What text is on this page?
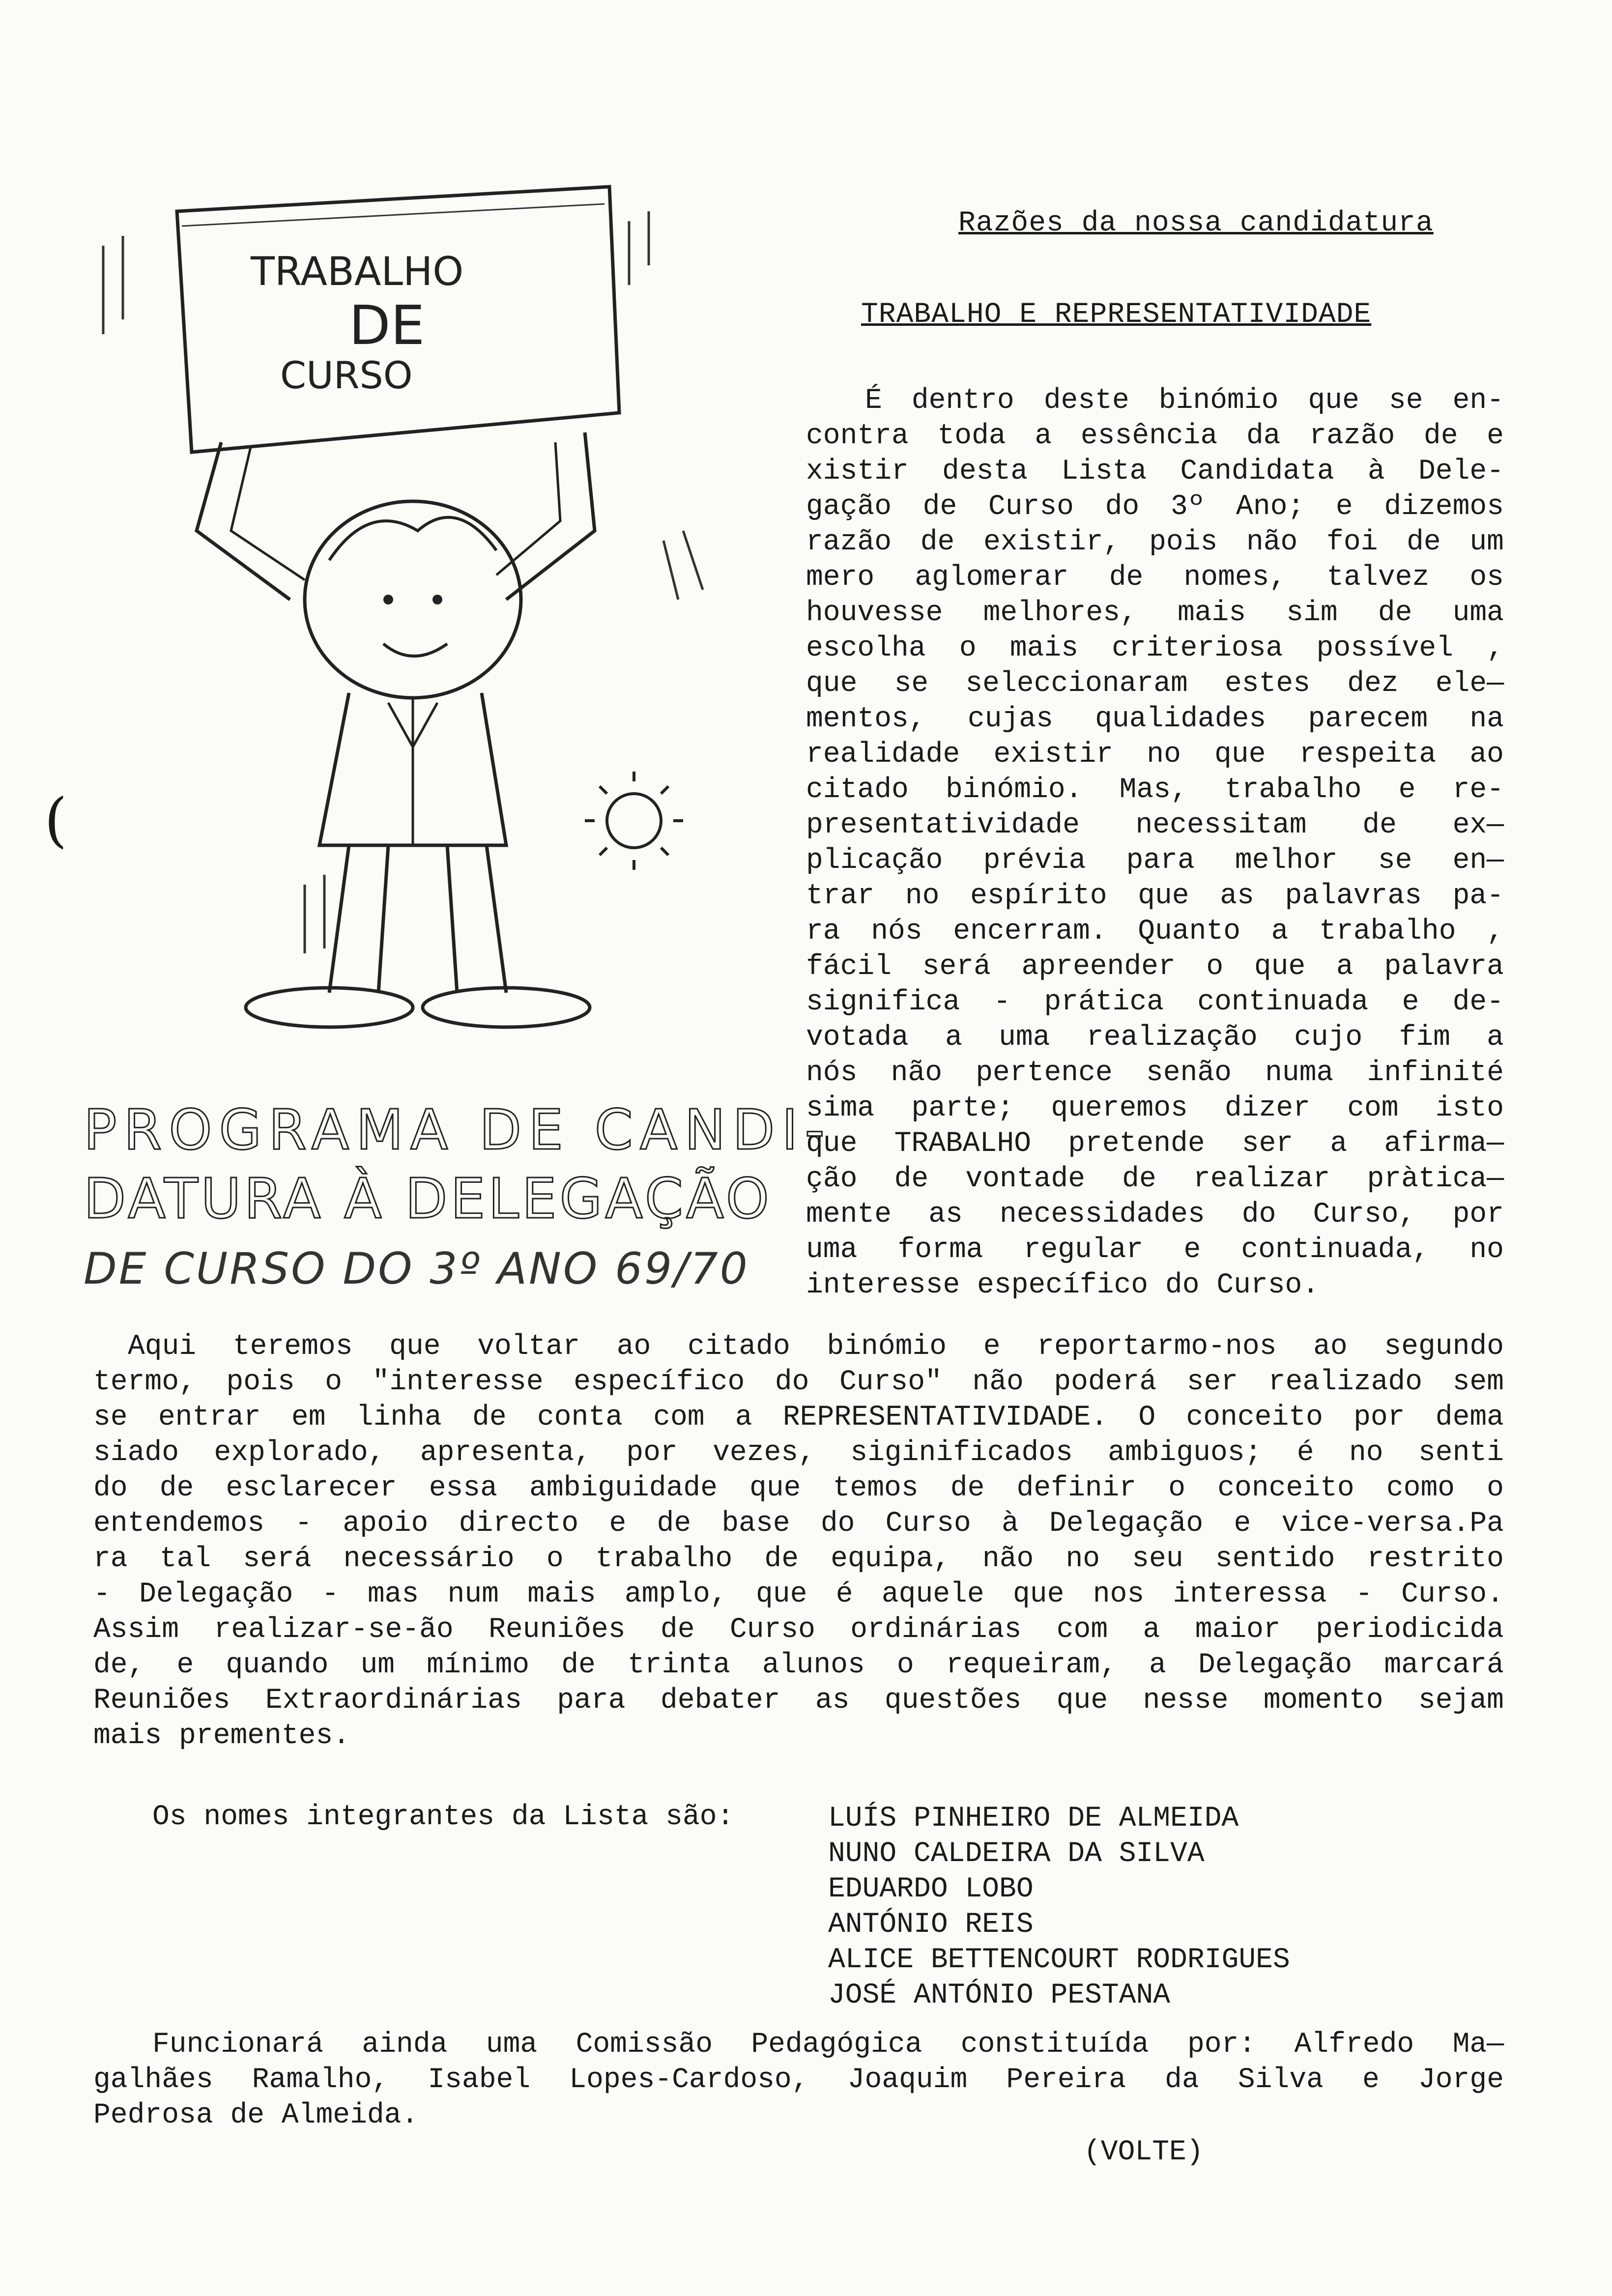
TRABALHO
DE
CURSO
(
PROGRAMA DE CANDI-
DATURA À DELEGAÇÃO
DE CURSO DO 3º ANO 69/70
Razões da nossa candidatura
TRABALHO E REPRESENTATIVIDADE
É dentro deste binómio que se en-
contra toda a essência da razão de e
xistir desta Lista Candidata à Dele-
gação de Curso do 3º Ano; e dizemos
razão de existir, pois não foi de um
mero aglomerar de nomes, talvez os
houvesse melhores, mais sim de uma
escolha o mais criteriosa possível ,
que se seleccionaram estes dez ele—
mentos, cujas qualidades parecem na
realidade existir no que respeita ao
citado binómio. Mas, trabalho e re-
presentatividade necessitam de ex—
plicação prévia para melhor se en—
trar no espírito que as palavras pa-
ra nós encerram. Quanto a trabalho ,
fácil será apreender o que a palavra
significa - prática continuada e de-
votada a uma realização cujo fim a
nós não pertence senão numa infinité
sima parte; queremos dizer com isto
que TRABALHO pretende ser a afirma—
ção de vontade de realizar pràtica—
mente as necessidades do Curso, por
uma forma regular e continuada, no
interesse específico do Curso.
Aqui teremos que voltar ao citado binómio e reportarmo-nos ao segundo
termo, pois o "interesse específico do Curso" não poderá ser realizado sem
se entrar em linha de conta com a REPRESENTATIVIDADE. O conceito por dema
siado explorado, apresenta, por vezes, siginificados ambiguos; é no senti
do de esclarecer essa ambiguidade que temos de definir o conceito como o
entendemos - apoio directo e de base do Curso à Delegação e vice-versa.Pa
ra tal será necessário o trabalho de equipa, não no seu sentido restrito
- Delegação - mas num mais amplo, que é aquele que nos interessa - Curso.
Assim realizar-se-ão Reuniões de Curso ordinárias com a maior periodicida
de, e quando um mínimo de trinta alunos o requeiram, a Delegação marcará
Reuniões Extraordinárias para debater as questões que nesse momento sejam
mais prementes.
Os nomes integrantes da Lista são:	LUÍS PINHEIRO DE ALMEIDA
NUNO CALDEIRA DA SILVA
EDUARDO LOBO
ANTÓNIO REIS
ALICE BETTENCOURT RODRIGUES
JOSÉ ANTÓNIO PESTANA
Funcionará ainda uma Comissão Pedagógica constituída por: Alfredo Ma—
galhães Ramalho, Isabel Lopes-Cardoso, Joaquim Pereira da Silva e Jorge
Pedrosa de Almeida.
(VOLTE)
